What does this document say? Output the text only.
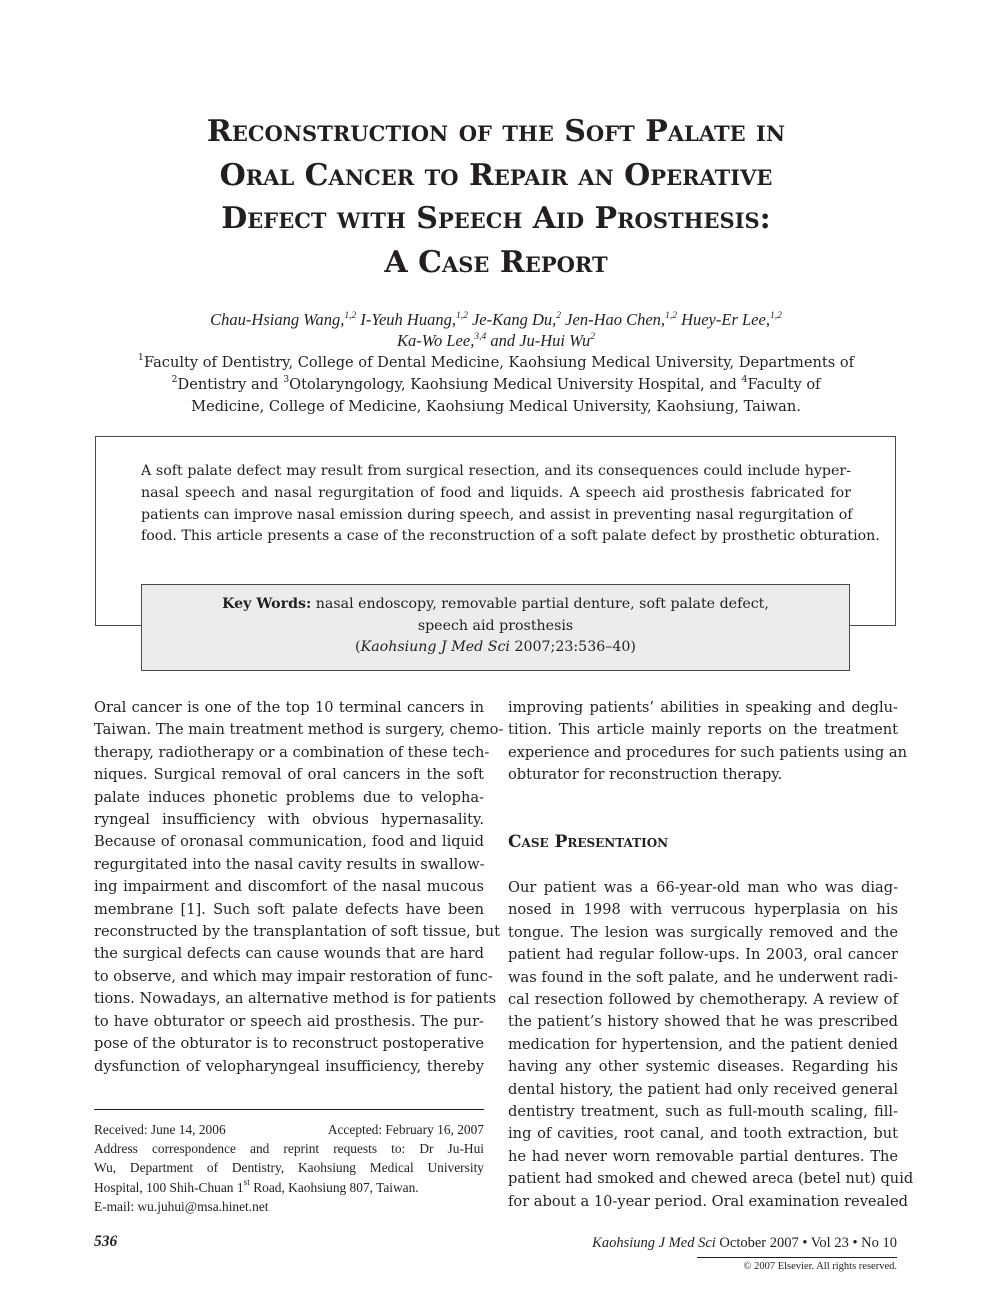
Reconstruction of the Soft Palate in
Oral Cancer to Repair an Operative
Defect with Speech Aid Prosthesis:
A Case Report
Chau-Hsiang Wang,$^{1,2}$ I-Yeuh Huang,$^{1,2}$ Je-Kang Du,$^2$ Jen-Hao Chen,$^{1,2}$ Huey-Er Lee,$^{1,2}$
Ka-Wo Lee,$^{3,4}$ and Ju-Hui Wu$^2$
$^1$Faculty of Dentistry, College of Dental Medicine, Kaohsiung Medical University, Departments of
$^2$Dentistry and $^3$Otolaryngology, Kaohsiung Medical University Hospital, and $^4$Faculty of
Medicine, College of Medicine, Kaohsiung Medical University, Kaohsiung, Taiwan.
A soft palate defect may result from surgical resection, and its consequences could include hyper-
nasal speech and nasal regurgitation of food and liquids. A speech aid prosthesis fabricated for
patients can improve nasal emission during speech, and assist in preventing nasal regurgitation of
food. This article presents a case of the reconstruction of a soft palate defect by prosthetic obturation.
Key Words: nasal endoscopy, removable partial denture, soft palate defect,
speech aid prosthesis
(Kaohsiung J Med Sci 2007;23:536–40)
Oral cancer is one of the top 10 terminal cancers in
Taiwan. The main treatment method is surgery, chemo-
therapy, radiotherapy or a combination of these tech-
niques. Surgical removal of oral cancers in the soft
palate induces phonetic problems due to velopha-
ryngeal insufficiency with obvious hypernasality.
Because of oronasal communication, food and liquid
regurgitated into the nasal cavity results in swallow-
ing impairment and discomfort of the nasal mucous
membrane [1]. Such soft palate defects have been
reconstructed by the transplantation of soft tissue, but
the surgical defects can cause wounds that are hard
to observe, and which may impair restoration of func-
tions. Nowadays, an alternative method is for patients
to have obturator or speech aid prosthesis. The pur-
pose of the obturator is to reconstruct postoperative
dysfunction of velopharyngeal insufficiency, thereby
improving patients’ abilities in speaking and deglu-
tition. This article mainly reports on the treatment
experience and procedures for such patients using an
obturator for reconstruction therapy.
Case Presentation
Our patient was a 66-year-old man who was diag-
nosed in 1998 with verrucous hyperplasia on his
tongue. The lesion was surgically removed and the
patient had regular follow-ups. In 2003, oral cancer
was found in the soft palate, and he underwent radi-
cal resection followed by chemotherapy. A review of
the patient’s history showed that he was prescribed
medication for hypertension, and the patient denied
having any other systemic diseases. Regarding his
dental history, the patient had only received general
dentistry treatment, such as full-mouth scaling, fill-
ing of cavities, root canal, and tooth extraction, but
he had never worn removable partial dentures. The
patient had smoked and chewed areca (betel nut) quid
for about a 10-year period. Oral examination revealed
Received: June 14, 2006	Accepted: February 16, 2007
Address correspondence and reprint requests to: Dr Ju-Hui
Wu, Department of Dentistry, Kaohsiung Medical University
Hospital, 100 Shih-Chuan 1st Road, Kaohsiung 807, Taiwan.
E-mail: wu.juhui@msa.hinet.net
536	Kaohsiung J Med Sci October 2007 • Vol 23 • No 10
© 2007 Elsevier. All rights reserved.
